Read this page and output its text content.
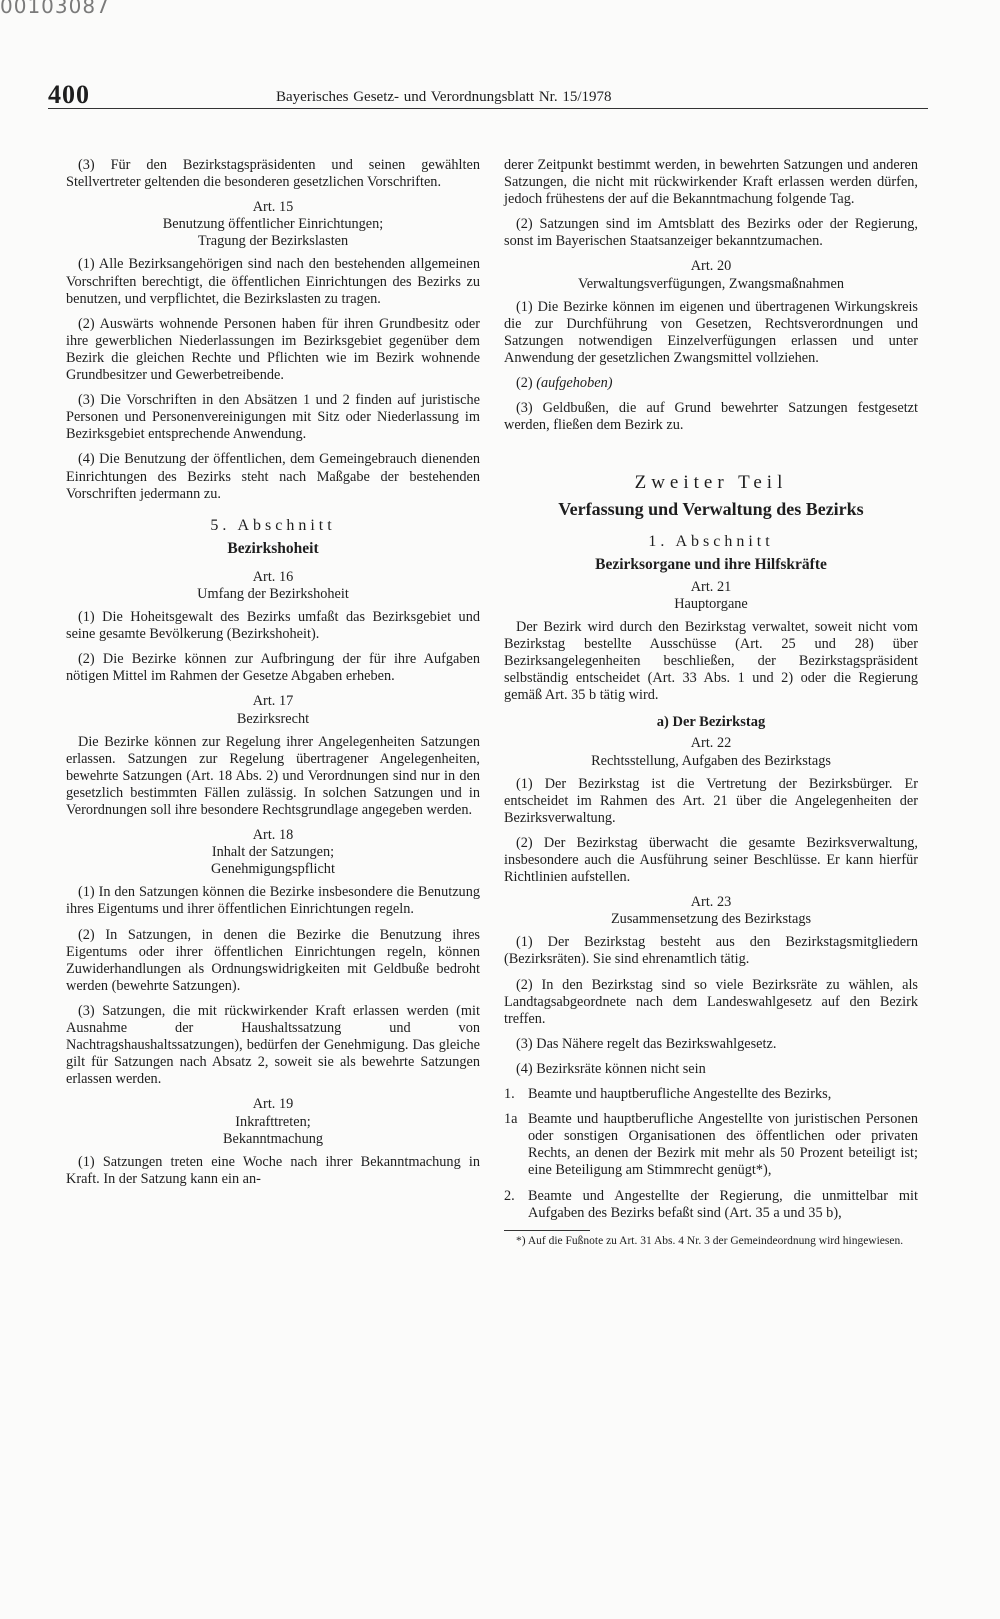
00103087
400	Bayerisches Gesetz- und Verordnungsblatt Nr. 15/1978

(3) Für den Bezirkstagspräsidenten und seinen gewählten Stellvertreter geltenden die besonderen gesetzlichen Vorschriften.

Art. 15
Benutzung öffentlicher Einrichtungen;
Tragung der Bezirkslasten

(1) Alle Bezirksangehörigen sind nach den bestehenden allgemeinen Vorschriften berechtigt, die öffentlichen Einrichtungen des Bezirks zu benutzen, und verpflichtet, die Bezirkslasten zu tragen.

(2) Auswärts wohnende Personen haben für ihren Grundbesitz oder ihre gewerblichen Niederlassungen im Bezirksgebiet gegenüber dem Bezirk die gleichen Rechte und Pflichten wie im Bezirk wohnende Grundbesitzer und Gewerbetreibende.

(3) Die Vorschriften in den Absätzen 1 und 2 finden auf juristische Personen und Personenvereinigungen mit Sitz oder Niederlassung im Bezirksgebiet entsprechende Anwendung.

(4) Die Benutzung der öffentlichen, dem Gemeingebrauch dienenden Einrichtungen des Bezirks steht nach Maßgabe der bestehenden Vorschriften jedermann zu.

5. Abschnitt
Bezirkshoheit
Art. 16
Umfang der Bezirkshoheit

(1) Die Hoheitsgewalt des Bezirks umfaßt das Bezirksgebiet und seine gesamte Bevölkerung (Bezirkshoheit).

(2) Die Bezirke können zur Aufbringung der für ihre Aufgaben nötigen Mittel im Rahmen der Gesetze Abgaben erheben.

Art. 17
Bezirksrecht

Die Bezirke können zur Regelung ihrer Angelegenheiten Satzungen erlassen. Satzungen zur Regelung übertragener Angelegenheiten, bewehrte Satzungen (Art. 18 Abs. 2) und Verordnungen sind nur in den gesetzlich bestimmten Fällen zulässig. In solchen Satzungen und in Verordnungen soll ihre besondere Rechtsgrundlage angegeben werden.

Art. 18
Inhalt der Satzungen;
Genehmigungspflicht

(1) In den Satzungen können die Bezirke insbesondere die Benutzung ihres Eigentums und ihrer öffentlichen Einrichtungen regeln.

(2) In Satzungen, in denen die Bezirke die Benutzung ihres Eigentums oder ihrer öffentlichen Einrichtungen regeln, können Zuwiderhandlungen als Ordnungswidrigkeiten mit Geldbuße bedroht werden (bewehrte Satzungen).

(3) Satzungen, die mit rückwirkender Kraft erlassen werden (mit Ausnahme der Haushaltssatzung und von Nachtragshaushaltssatzungen), bedürfen der Genehmigung. Das gleiche gilt für Satzungen nach Absatz 2, soweit sie als bewehrte Satzungen erlassen werden.

Art. 19
Inkrafttreten;
Bekanntmachung

(1) Satzungen treten eine Woche nach ihrer Bekanntmachung in Kraft. In der Satzung kann ein an-

derer Zeitpunkt bestimmt werden, in bewehrten Satzungen und anderen Satzungen, die nicht mit rückwirkender Kraft erlassen werden dürfen, jedoch frühestens der auf die Bekanntmachung folgende Tag.

(2) Satzungen sind im Amtsblatt des Bezirks oder der Regierung, sonst im Bayerischen Staatsanzeiger bekanntzumachen.

Art. 20
Verwaltungsverfügungen, Zwangsmaßnahmen

(1) Die Bezirke können im eigenen und übertragenen Wirkungskreis die zur Durchführung von Gesetzen, Rechtsverordnungen und Satzungen notwendigen Einzelverfügungen erlassen und unter Anwendung der gesetzlichen Zwangsmittel vollziehen.

(2) (aufgehoben)

(3) Geldbußen, die auf Grund bewehrter Satzungen festgesetzt werden, fließen dem Bezirk zu.

Zweiter Teil
Verfassung und Verwaltung des Bezirks
1. Abschnitt
Bezirksorgane und ihre Hilfskräfte
Art. 21
Hauptorgane

Der Bezirk wird durch den Bezirkstag verwaltet, soweit nicht vom Bezirkstag bestellte Ausschüsse (Art. 25 und 28) über Bezirksangelegenheiten beschließen, der Bezirkstagspräsident selbständig entscheidet (Art. 33 Abs. 1 und 2) oder die Regierung gemäß Art. 35 b tätig wird.

a) Der Bezirkstag
Art. 22
Rechtsstellung, Aufgaben des Bezirkstags

(1) Der Bezirkstag ist die Vertretung der Bezirksbürger. Er entscheidet im Rahmen des Art. 21 über die Angelegenheiten der Bezirksverwaltung.

(2) Der Bezirkstag überwacht die gesamte Bezirksverwaltung, insbesondere auch die Ausführung seiner Beschlüsse. Er kann hierfür Richtlinien aufstellen.

Art. 23
Zusammensetzung des Bezirkstags

(1) Der Bezirkstag besteht aus den Bezirkstagsmitgliedern (Bezirksräten). Sie sind ehrenamtlich tätig.

(2) In den Bezirkstag sind so viele Bezirksräte zu wählen, als Landtagsabgeordnete nach dem Landeswahlgesetz auf den Bezirk treffen.

(3) Das Nähere regelt das Bezirkswahlgesetz.

(4) Bezirksräte können nicht sein

1. Beamte und hauptberufliche Angestellte des Bezirks,
1a Beamte und hauptberufliche Angestellte von juristischen Personen oder sonstigen Organisationen des öffentlichen oder privaten Rechts, an denen der Bezirk mit mehr als 50 Prozent beteiligt ist; eine Beteiligung am Stimmrecht genügt*),
2. Beamte und Angestellte der Regierung, die unmittelbar mit Aufgaben des Bezirks befaßt sind (Art. 35 a und 35 b),

*) Auf die Fußnote zu Art. 31 Abs. 4 Nr. 3 der Gemeindeordnung wird hingewiesen.
